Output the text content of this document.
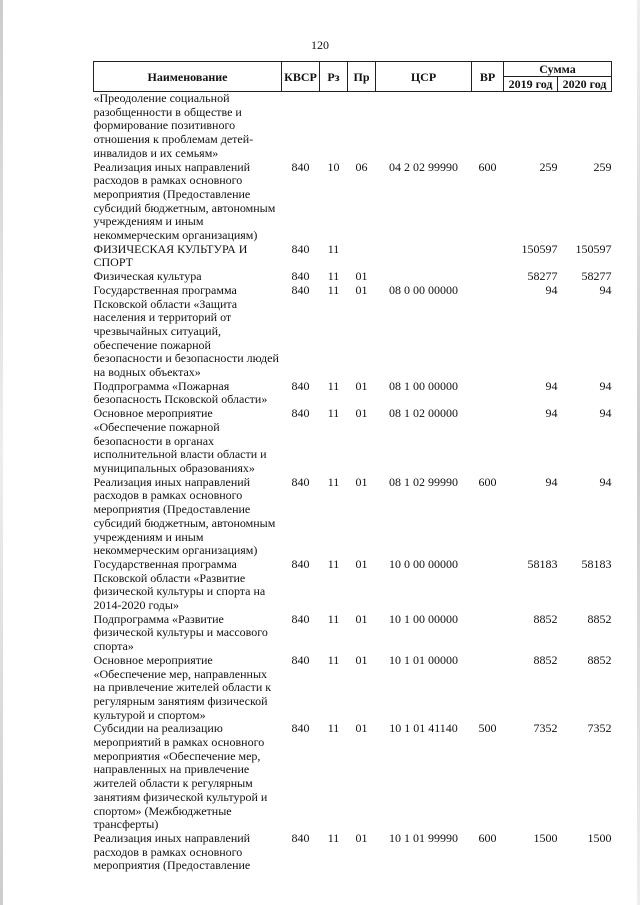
120
Наименование	КВСР	Рз	Пр	ЦСР	ВР	Сумма	
						2019 год	2020 год
«Преодоление социальной разобщенности в обществе и формирование позитивного отношения к проблемам детей-инвалидов и их семьям»							
Реализация иных направлений расходов в рамках основного мероприятия (Предоставление субсидий бюджетным, автономным учреждениям и иным некоммерческим организациям)	840	10	06	04 2 02 99990	600	259	259
ФИЗИЧЕСКАЯ КУЛЬТУРА И СПОРТ	840	11				150597	150597
Физическая культура	840	11	01			58277	58277
Государственная программа Псковской области «Защита населения и территорий от чрезвычайных ситуаций, обеспечение пожарной безопасности и безопасности людей на водных объектах»	840	11	01	08 0 00 00000		94	94
Подпрограмма «Пожарная безопасность Псковской области»	840	11	01	08 1 00 00000		94	94
Основное мероприятие «Обеспечение пожарной безопасности в органах исполнительной власти области и муниципальных образованиях»	840	11	01	08 1 02 00000		94	94
Реализация иных направлений расходов в рамках основного мероприятия (Предоставление субсидий бюджетным, автономным учреждениям и иным некоммерческим организациям)	840	11	01	08 1 02 99990	600	94	94
Государственная программа Псковской области «Развитие физической культуры и спорта на 2014-2020 годы»	840	11	01	10 0 00 00000		58183	58183
Подпрограмма «Развитие физической культуры и массового спорта»	840	11	01	10 1 00 00000		8852	8852
Основное мероприятие «Обеспечение мер, направленных на привлечение жителей области к регулярным занятиям физической культурой и спортом»	840	11	01	10 1 01 00000		8852	8852
Субсидии на реализацию мероприятий в рамках основного мероприятия «Обеспечение мер, направленных на привлечение жителей области к регулярным занятиям физической культурой и спортом» (Межбюджетные трансферты)	840	11	01	10 1 01 41140	500	7352	7352
Реализация иных направлений расходов в рамках основного мероприятия (Предоставление	840	11	01	10 1 01 99990	600	1500	1500
